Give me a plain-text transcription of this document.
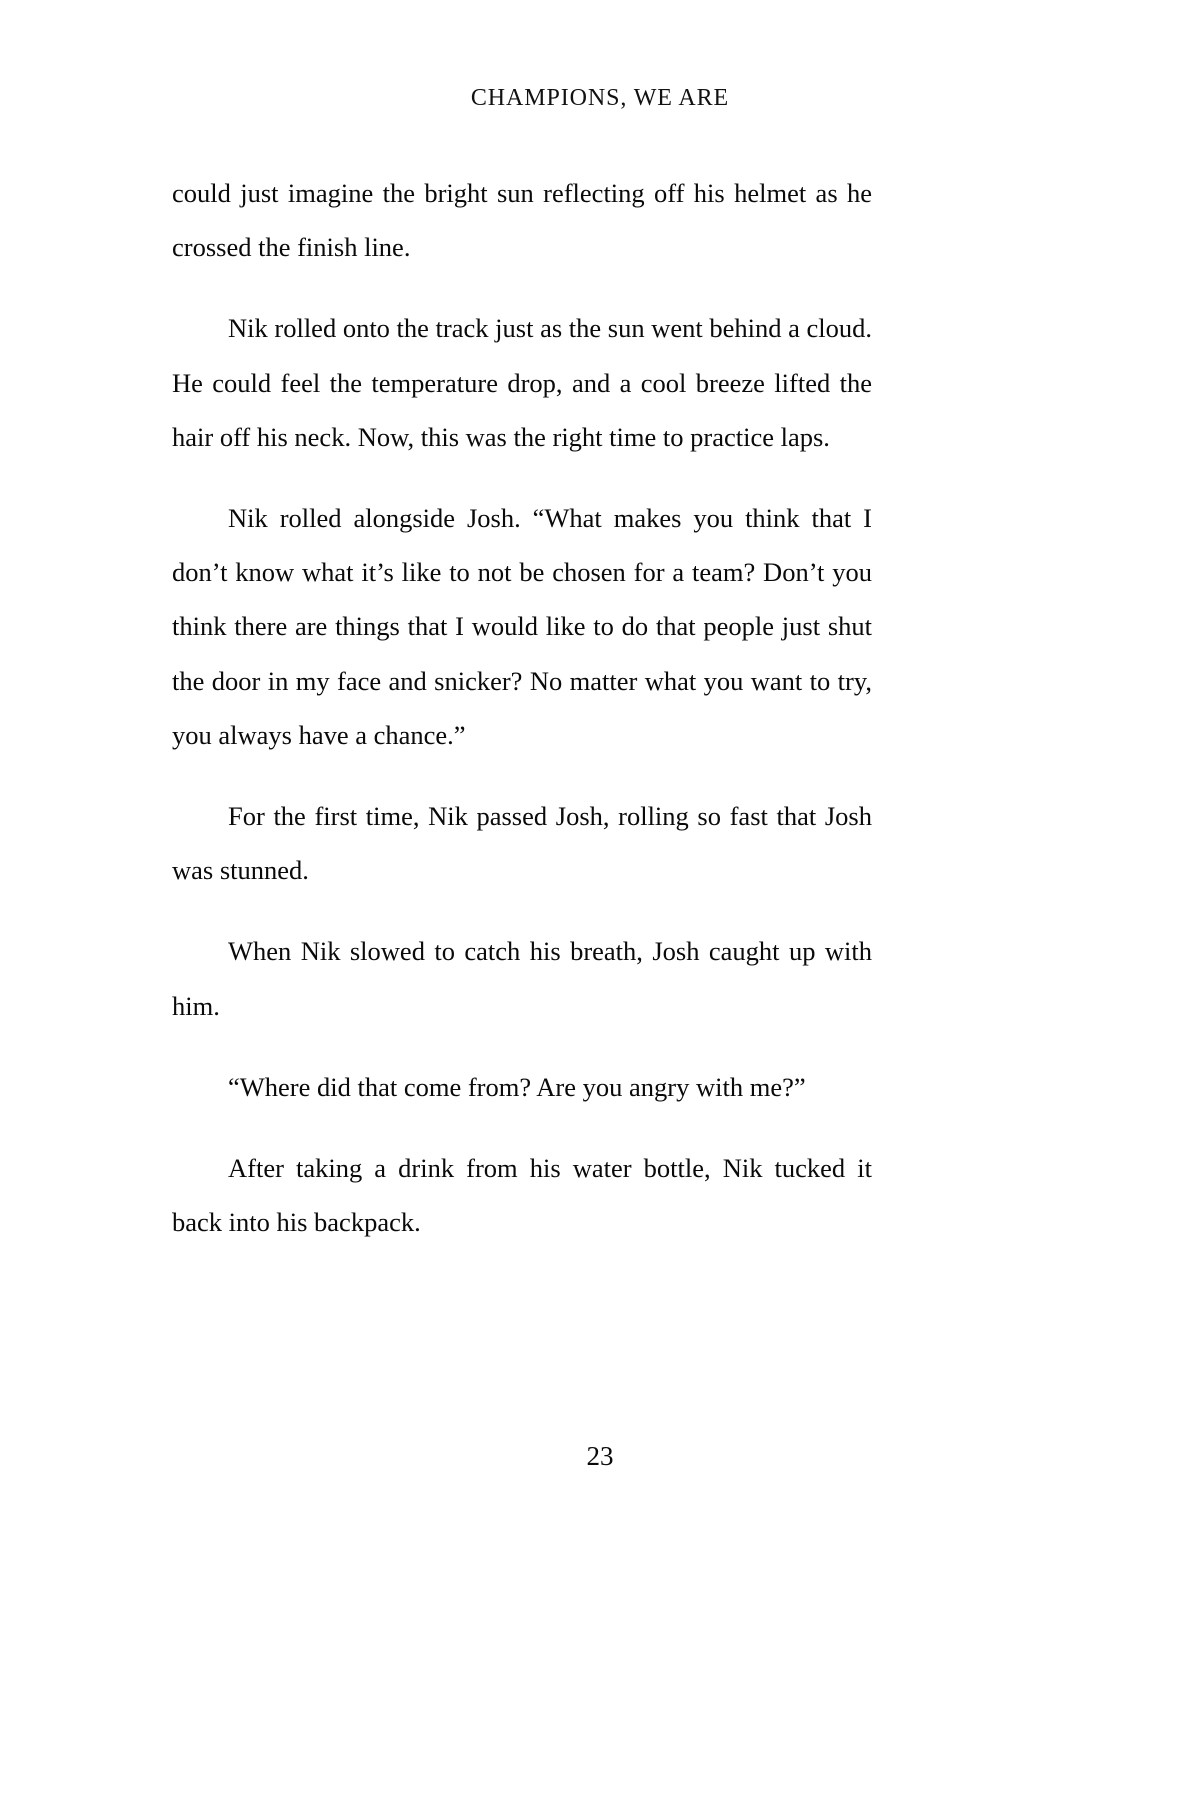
CHAMPIONS, WE ARE

could just imagine the bright sun reflecting off his helmet as he crossed the finish line.

Nik rolled onto the track just as the sun went behind a cloud. He could feel the temperature drop, and a cool breeze lifted the hair off his neck. Now, this was the right time to practice laps.

Nik rolled alongside Josh. “What makes you think that I don’t know what it’s like to not be chosen for a team? Don’t you think there are things that I would like to do that people just shut the door in my face and snicker? No matter what you want to try, you always have a chance.”

For the first time, Nik passed Josh, rolling so fast that Josh was stunned.

When Nik slowed to catch his breath, Josh caught up with him.

“Where did that come from? Are you angry with me?”

After taking a drink from his water bottle, Nik tucked it back into his backpack.

23
